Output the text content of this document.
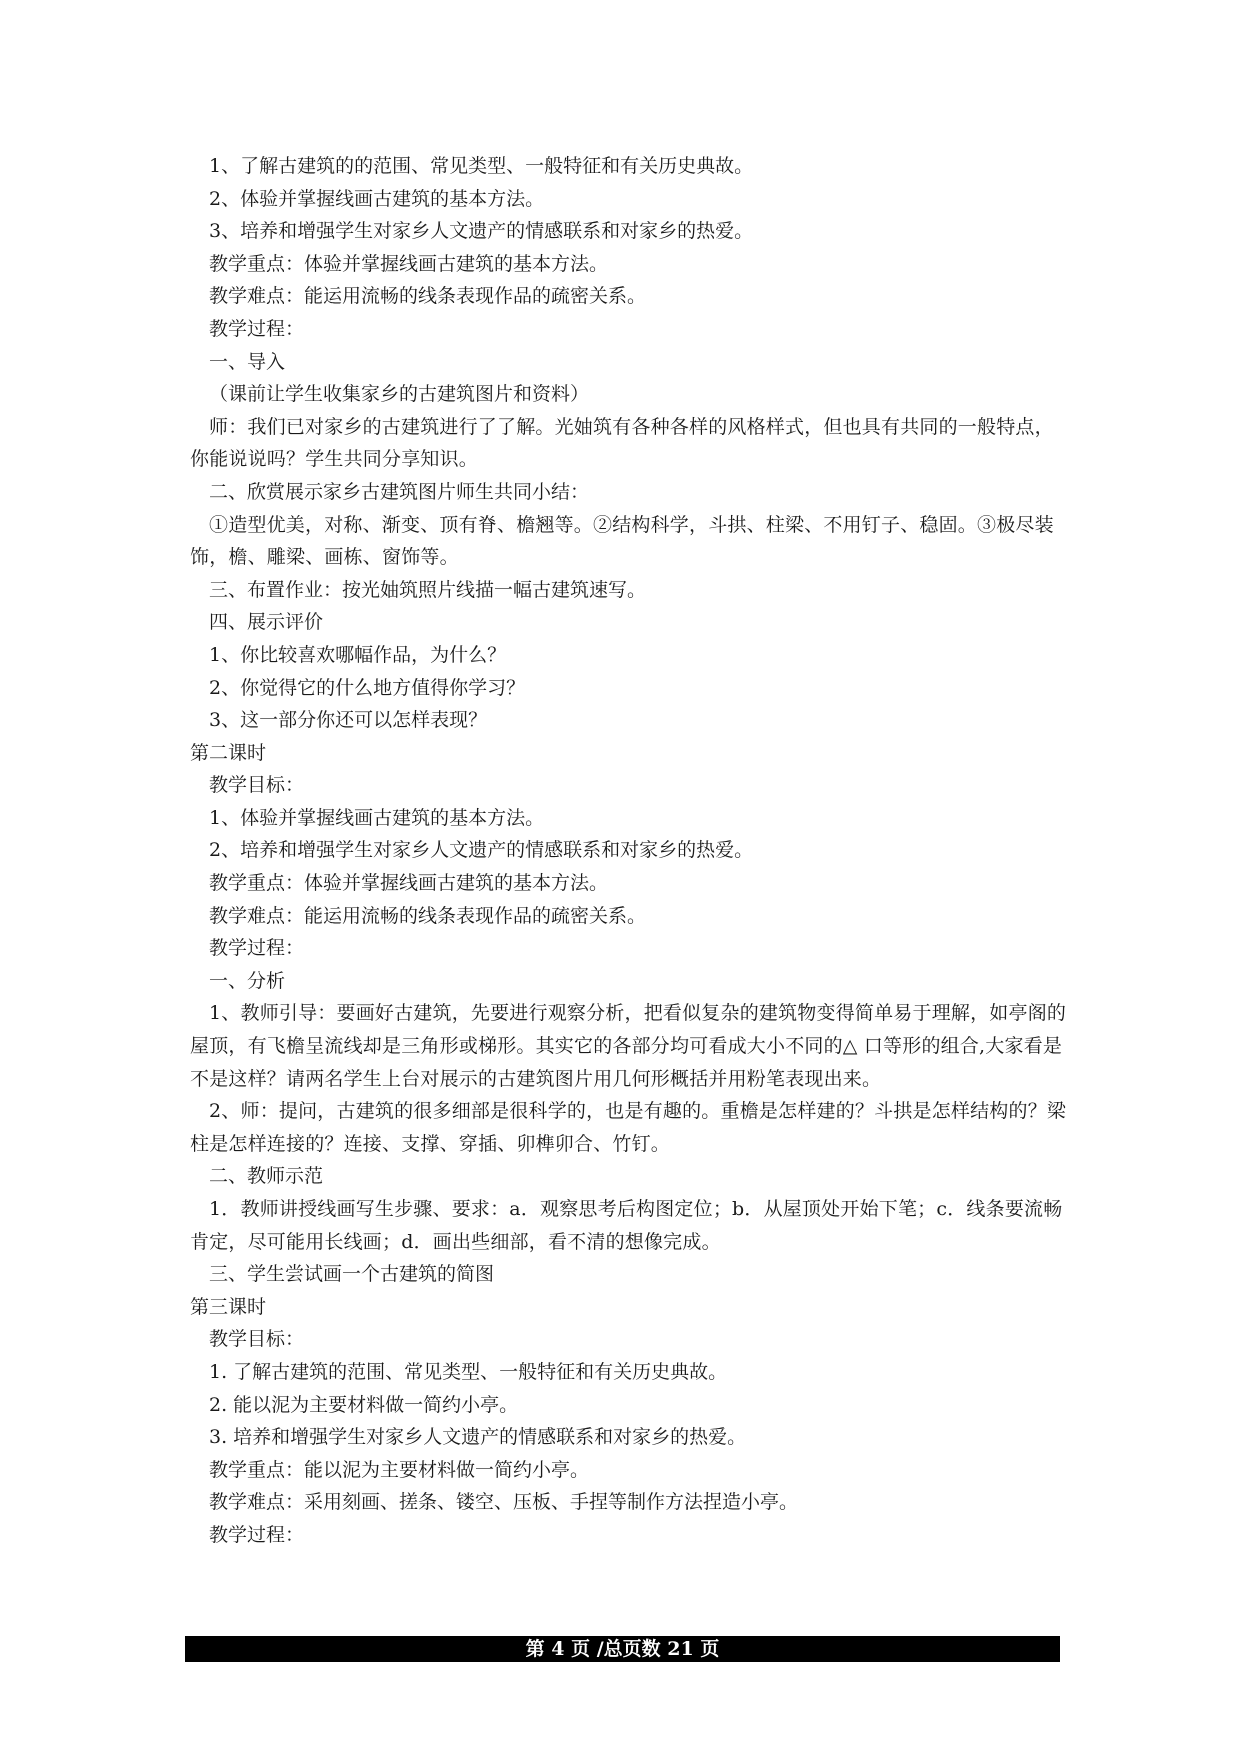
1、了解古建筑的的范围、常见类型、一般特征和有关历史典故。
2、体验并掌握线画古建筑的基本方法。
3、培养和增强学生对家乡人文遗产的情感联系和对家乡的热爱。
教学重点：体验并掌握线画古建筑的基本方法。
教学难点：能运用流畅的线条表现作品的疏密关系。
教学过程：
一、导入
（课前让学生收集家乡的古建筑图片和资料）
师：我们已对家乡的古建筑进行了了解。光妯筑有各种各样的风格样式，但也具有共同的一般特点，你能说说吗？学生共同分享知识。
二、欣赏展示家乡古建筑图片师生共同小结：
①造型优美，对称、渐变、顶有脊、檐翘等。②结构科学，斗拱、柱梁、不用钉子、稳固。③极尽装饰，檐、雕梁、画栋、窗饰等。
三、布置作业：按光妯筑照片线描一幅古建筑速写。
四、展示评价
1、你比较喜欢哪幅作品，为什么？
2、你觉得它的什么地方值得你学习？
3、这一部分你还可以怎样表现？
第二课时
教学目标：
1、体验并掌握线画古建筑的基本方法。
2、培养和增强学生对家乡人文遗产的情感联系和对家乡的热爱。
教学重点：体验并掌握线画古建筑的基本方法。
教学难点：能运用流畅的线条表现作品的疏密关系。
教学过程：
一、分析
1、教师引导：要画好古建筑，先要进行观察分析，把看似复杂的建筑物变得简单易于理解，如亭阁的屋顶，有飞檐呈流线却是三角形或梯形。其实它的各部分均可看成大小不同的△ 口等形的组合,大家看是不是这样？请两名学生上台对展示的古建筑图片用几何形概括并用粉笔表现出来。
2、师：提问，古建筑的很多细部是很科学的，也是有趣的。重檐是怎样建的？斗拱是怎样结构的？梁柱是怎样连接的？连接、支撑、穿插、卯榫卯合、竹钉。
二、教师示范
1．教师讲授线画写生步骤、要求：a．观察思考后构图定位；b．从屋顶处开始下笔；c．线条要流畅肯定，尽可能用长线画；d．画出些细部，看不清的想像完成。
三、学生尝试画一个古建筑的简图
第三课时
教学目标：
1. 了解古建筑的范围、常见类型、一般特征和有关历史典故。
2. 能以泥为主要材料做一简约小亭。
3. 培养和增强学生对家乡人文遗产的情感联系和对家乡的热爱。
教学重点：能以泥为主要材料做一简约小亭。
教学难点：采用刻画、搓条、镂空、压板、手捏等制作方法捏造小亭。
教学过程：
第 4 页 /总页数 21 页
